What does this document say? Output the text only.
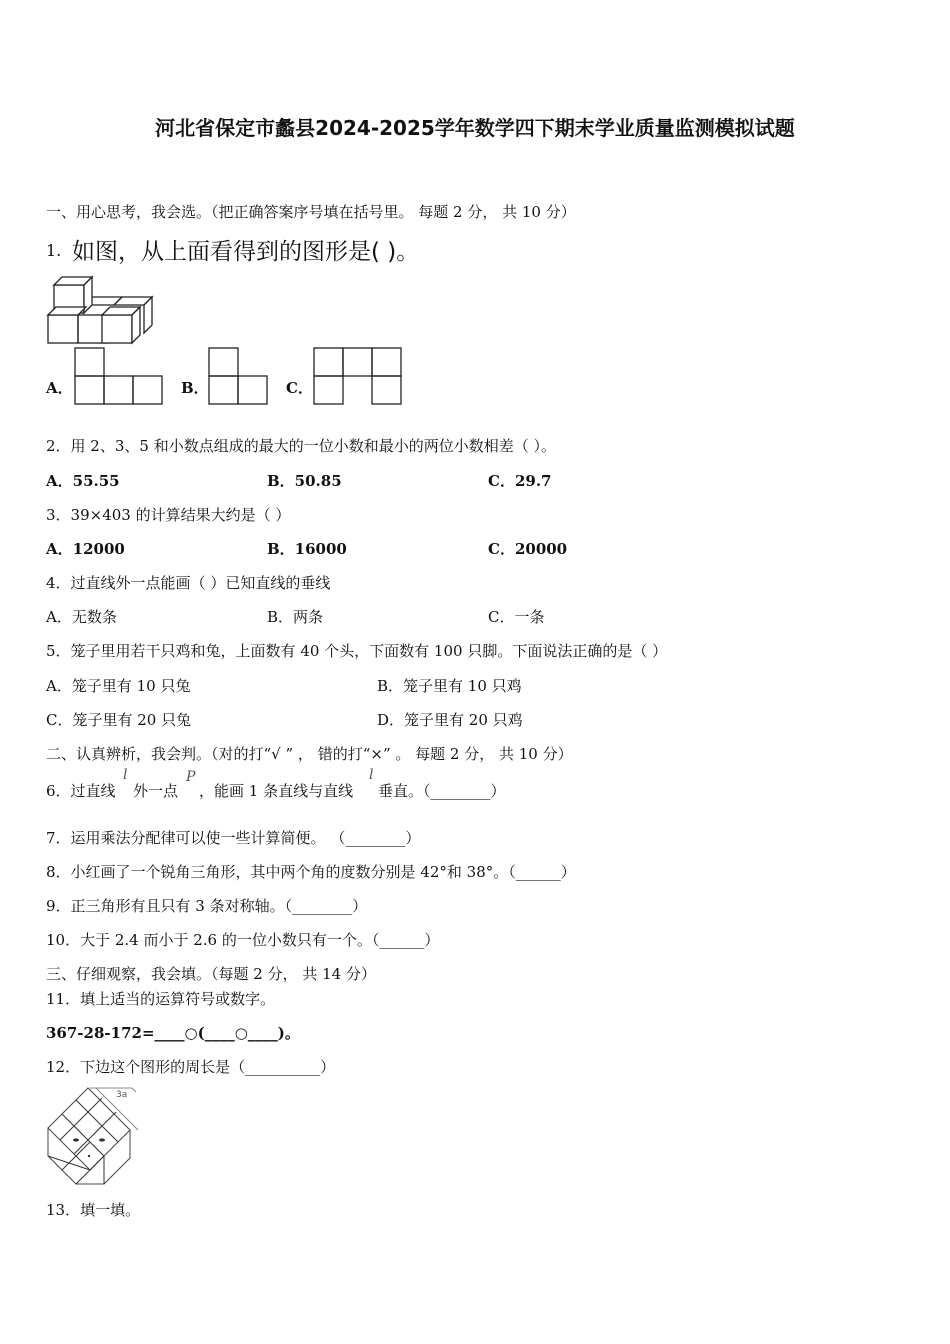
河北省保定市蠡县2024-2025学年数学四下期末学业质量监测模拟试题
一、用心思考，我会选。（把正确答案序号填在括号里。 每题 2 分， 共 10 分）
1. 如图，从上面看得到的图形是( )。
A．	B．	C．
2．用 2、3、5 和小数点组成的最大的一位小数和最小的两位小数相差（ ）。
A．55.55	B．50.85	C．29.7
3．39×403 的计算结果大约是（ ）
A．12000	B．16000	C．20000
4．过直线外一点能画（ ）已知直线的垂线
A．无数条	B．两条	C．一条
5．笼子里用若干只鸡和兔，上面数有 40 个头，下面数有 100 只脚。下面说法正确的是（ ）
A．笼子里有 10 只兔	B．笼子里有 10 只鸡
C．笼子里有 20 只兔	D．笼子里有 20 只鸡
二、认真辨析，我会判。（对的打“√ ” ， 错的打“×” 。 每题 2 分， 共 10 分）
6．过直线
l
外一点
P
，能画 1 条直线与直线
l
垂直。（________）
7．运用乘法分配律可以使一些计算简便。 （________）
8．小红画了一个锐角三角形，其中两个角的度数分别是 42°和 38°。（______）
9．正三角形有且只有 3 条对称轴。（________）
10．大于 2.4 而小于 2.6 的一位小数只有一个。（______）
三、仔细观察，我会填。（每题 2 分， 共 14 分）
11．填上适当的运算符号或数字。
367-28-172=____○(____○____)。
12．下边这个图形的周长是（__________）
3a
13．填一填。
